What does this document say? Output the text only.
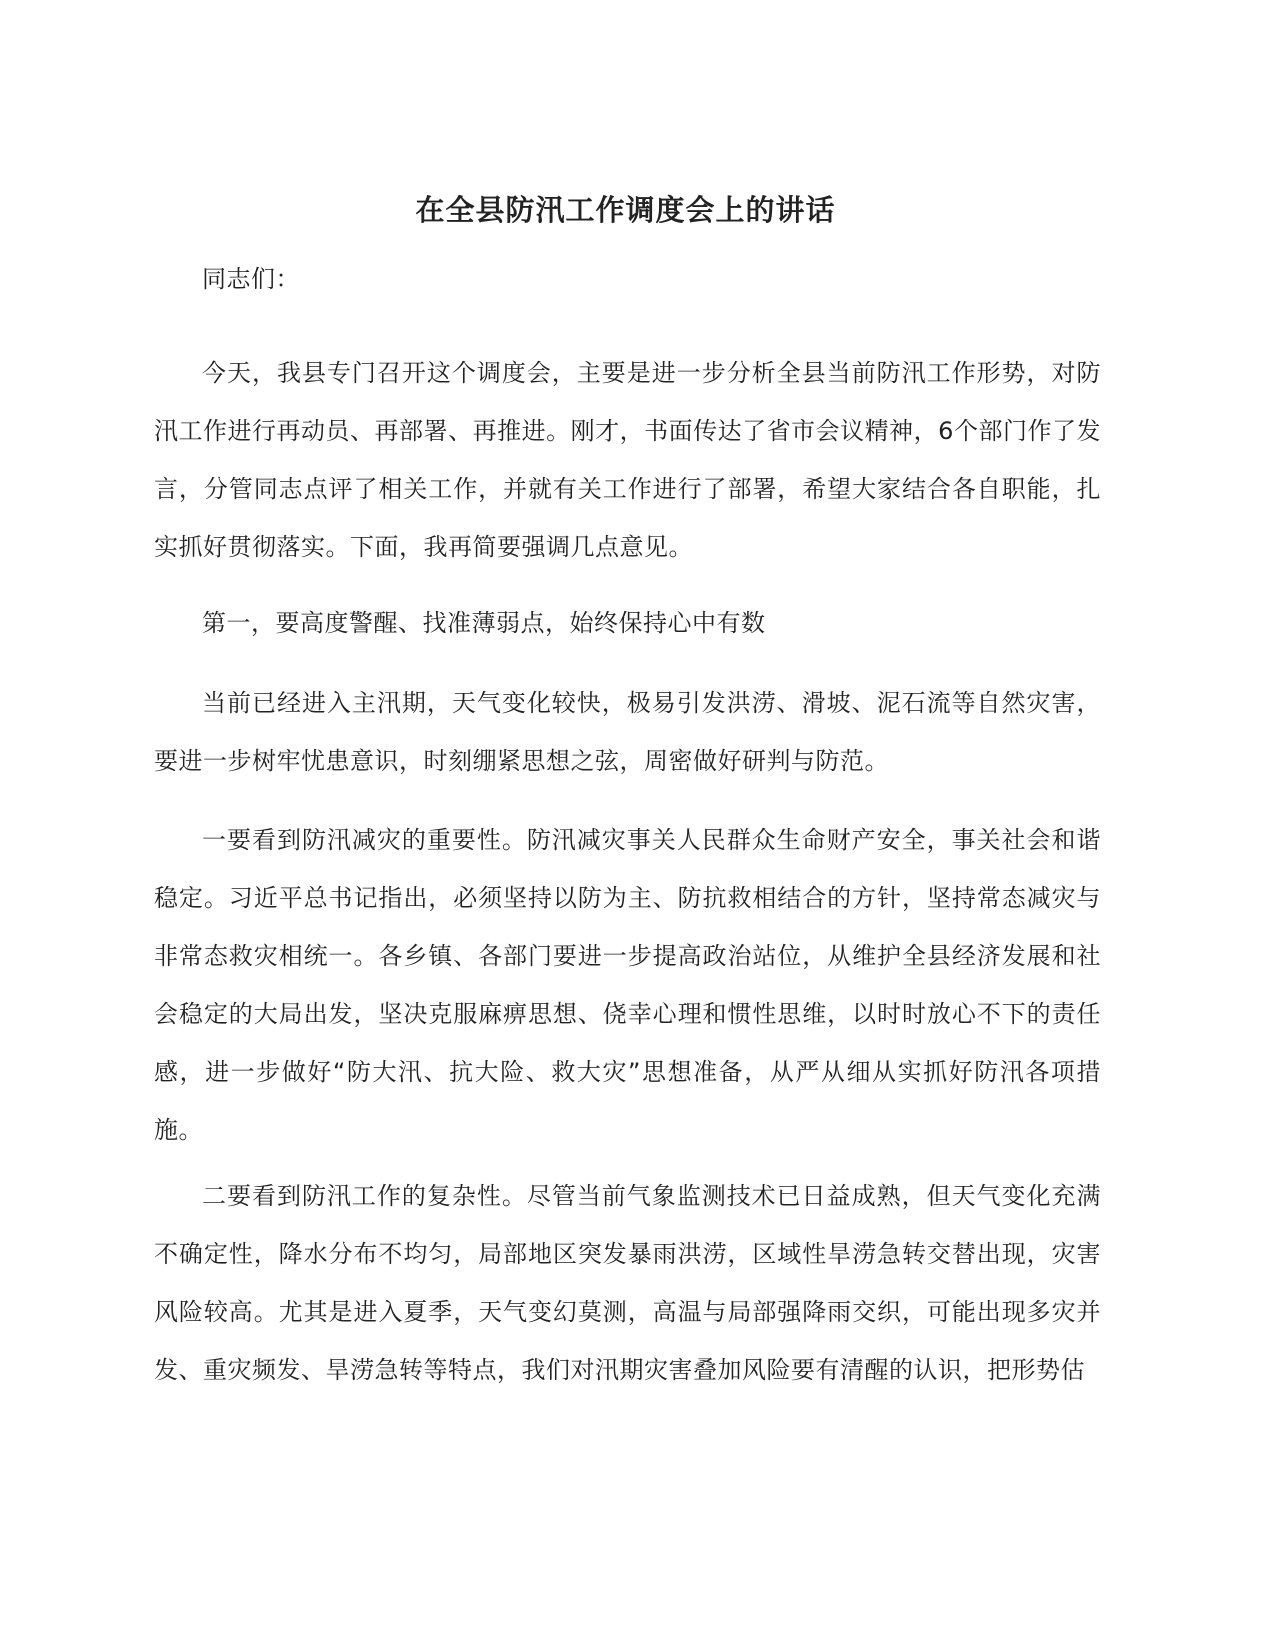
在全县防汛工作调度会上的讲话

同志们：

今天，我县专门召开这个调度会，主要是进一步分析全县当前防汛工作形势，对防汛工作进行再动员、再部署、再推进。刚才，书面传达了省市会议精神，6个部门作了发言，分管同志点评了相关工作，并就有关工作进行了部署，希望大家结合各自职能，扎实抓好贯彻落实。下面，我再简要强调几点意见。

第一，要高度警醒、找准薄弱点，始终保持心中有数

当前已经进入主汛期，天气变化较快，极易引发洪涝、滑坡、泥石流等自然灾害，要进一步树牢忧患意识，时刻绷紧思想之弦，周密做好研判与防范。

一要看到防汛减灾的重要性。防汛减灾事关人民群众生命财产安全，事关社会和谐稳定。习近平总书记指出，必须坚持以防为主、防抗救相结合的方针，坚持常态减灾与非常态救灾相统一。各乡镇、各部门要进一步提高政治站位，从维护全县经济发展和社会稳定的大局出发，坚决克服麻痹思想、侥幸心理和惯性思维，以时时放心不下的责任感，进一步做好“防大汛、抗大险、救大灾”思想准备，从严从细从实抓好防汛各项措施。

二要看到防汛工作的复杂性。尽管当前气象监测技术已日益成熟，但天气变化充满不确定性，降水分布不均匀，局部地区突发暴雨洪涝，区域性旱涝急转交替出现，灾害风险较高。尤其是进入夏季，天气变幻莫测，高温与局部强降雨交织，可能出现多灾并发、重灾频发、旱涝急转等特点，我们对汛期灾害叠加风险要有清醒的认识，把形势估
